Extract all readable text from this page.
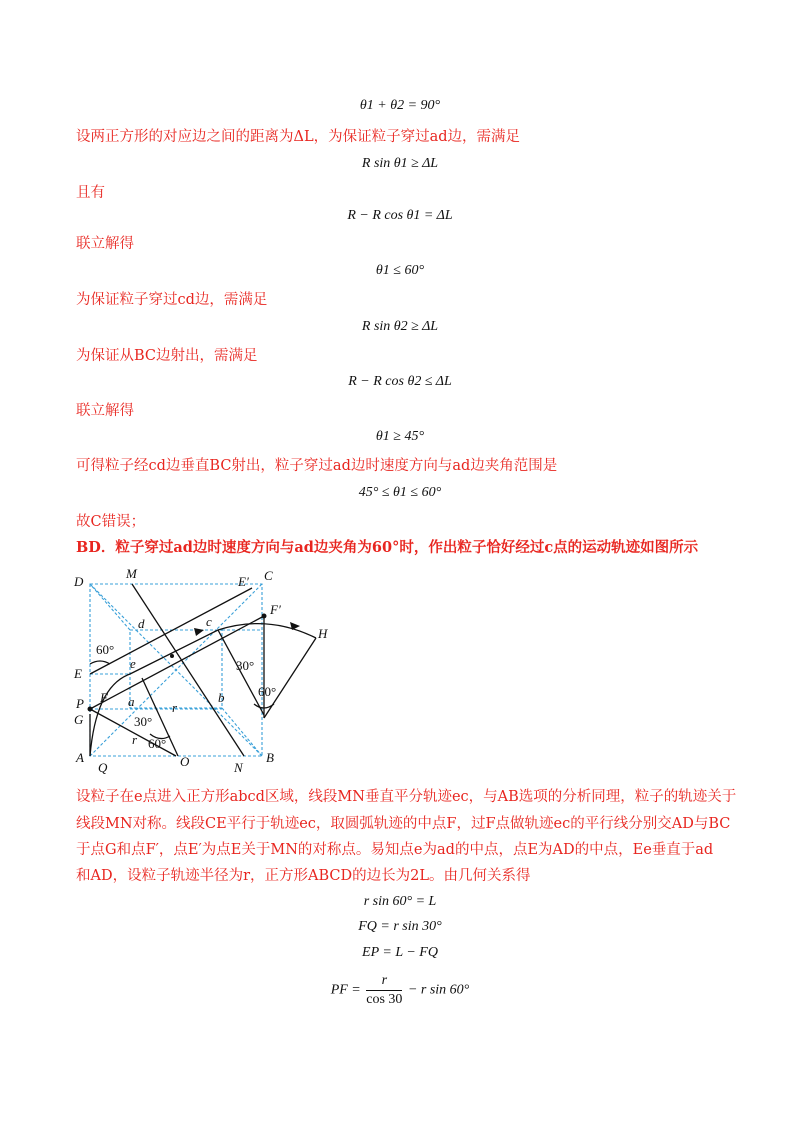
θ1 + θ2 = 90°
设两正方形的对应边之间的距离为ΔL，为保证粒子穿过ad边，需满足
R sin θ1 ≥ ΔL
且有
R − R cos θ1 = ΔL
联立解得
θ1 ≤ 60°
为保证粒子穿过cd边，需满足
R sin θ2 ≥ ΔL
为保证从BC边射出，需满足
R − R cos θ2 ≤ ΔL
联立解得
θ1 ≥ 45°
可得粒子经cd边垂直BC射出，粒子穿过ad边时速度方向与ad边夹角范围是
45° ≤ θ1 ≤ 60°
故C错误；
BD．粒子穿过ad边时速度方向与ad边夹角为60°时，作出粒子恰好经过c点的运动轨迹如图所示
D
M
E′ C
F′
H
d	c
60°
E
e	30°
F
P
G
b
a	r
60°
30°
r 60°
A	B
Q	O	N
设粒子在e点进入正方形abcd区域，线段MN垂直平分轨迹ec，与AB选项的分析同理，粒子的轨迹关于
线段MN对称。线段CE平行于轨迹ec，取圆弧轨迹的中点F，过F点做轨迹ec的平行线分别交AD与BC
于点G和点F′，点E′为点E关于MN的对称点。易知点e为ad的中点，点E为AD的中点，Ee垂直于ad
和AD，设粒子轨迹半径为r，正方形ABCD的边长为2L。由几何关系得
r sin 60° = L
FQ = r sin 30°
EP = L − FQ
PF = $\frac{r}{\cos 30} - r$ sin 60°
